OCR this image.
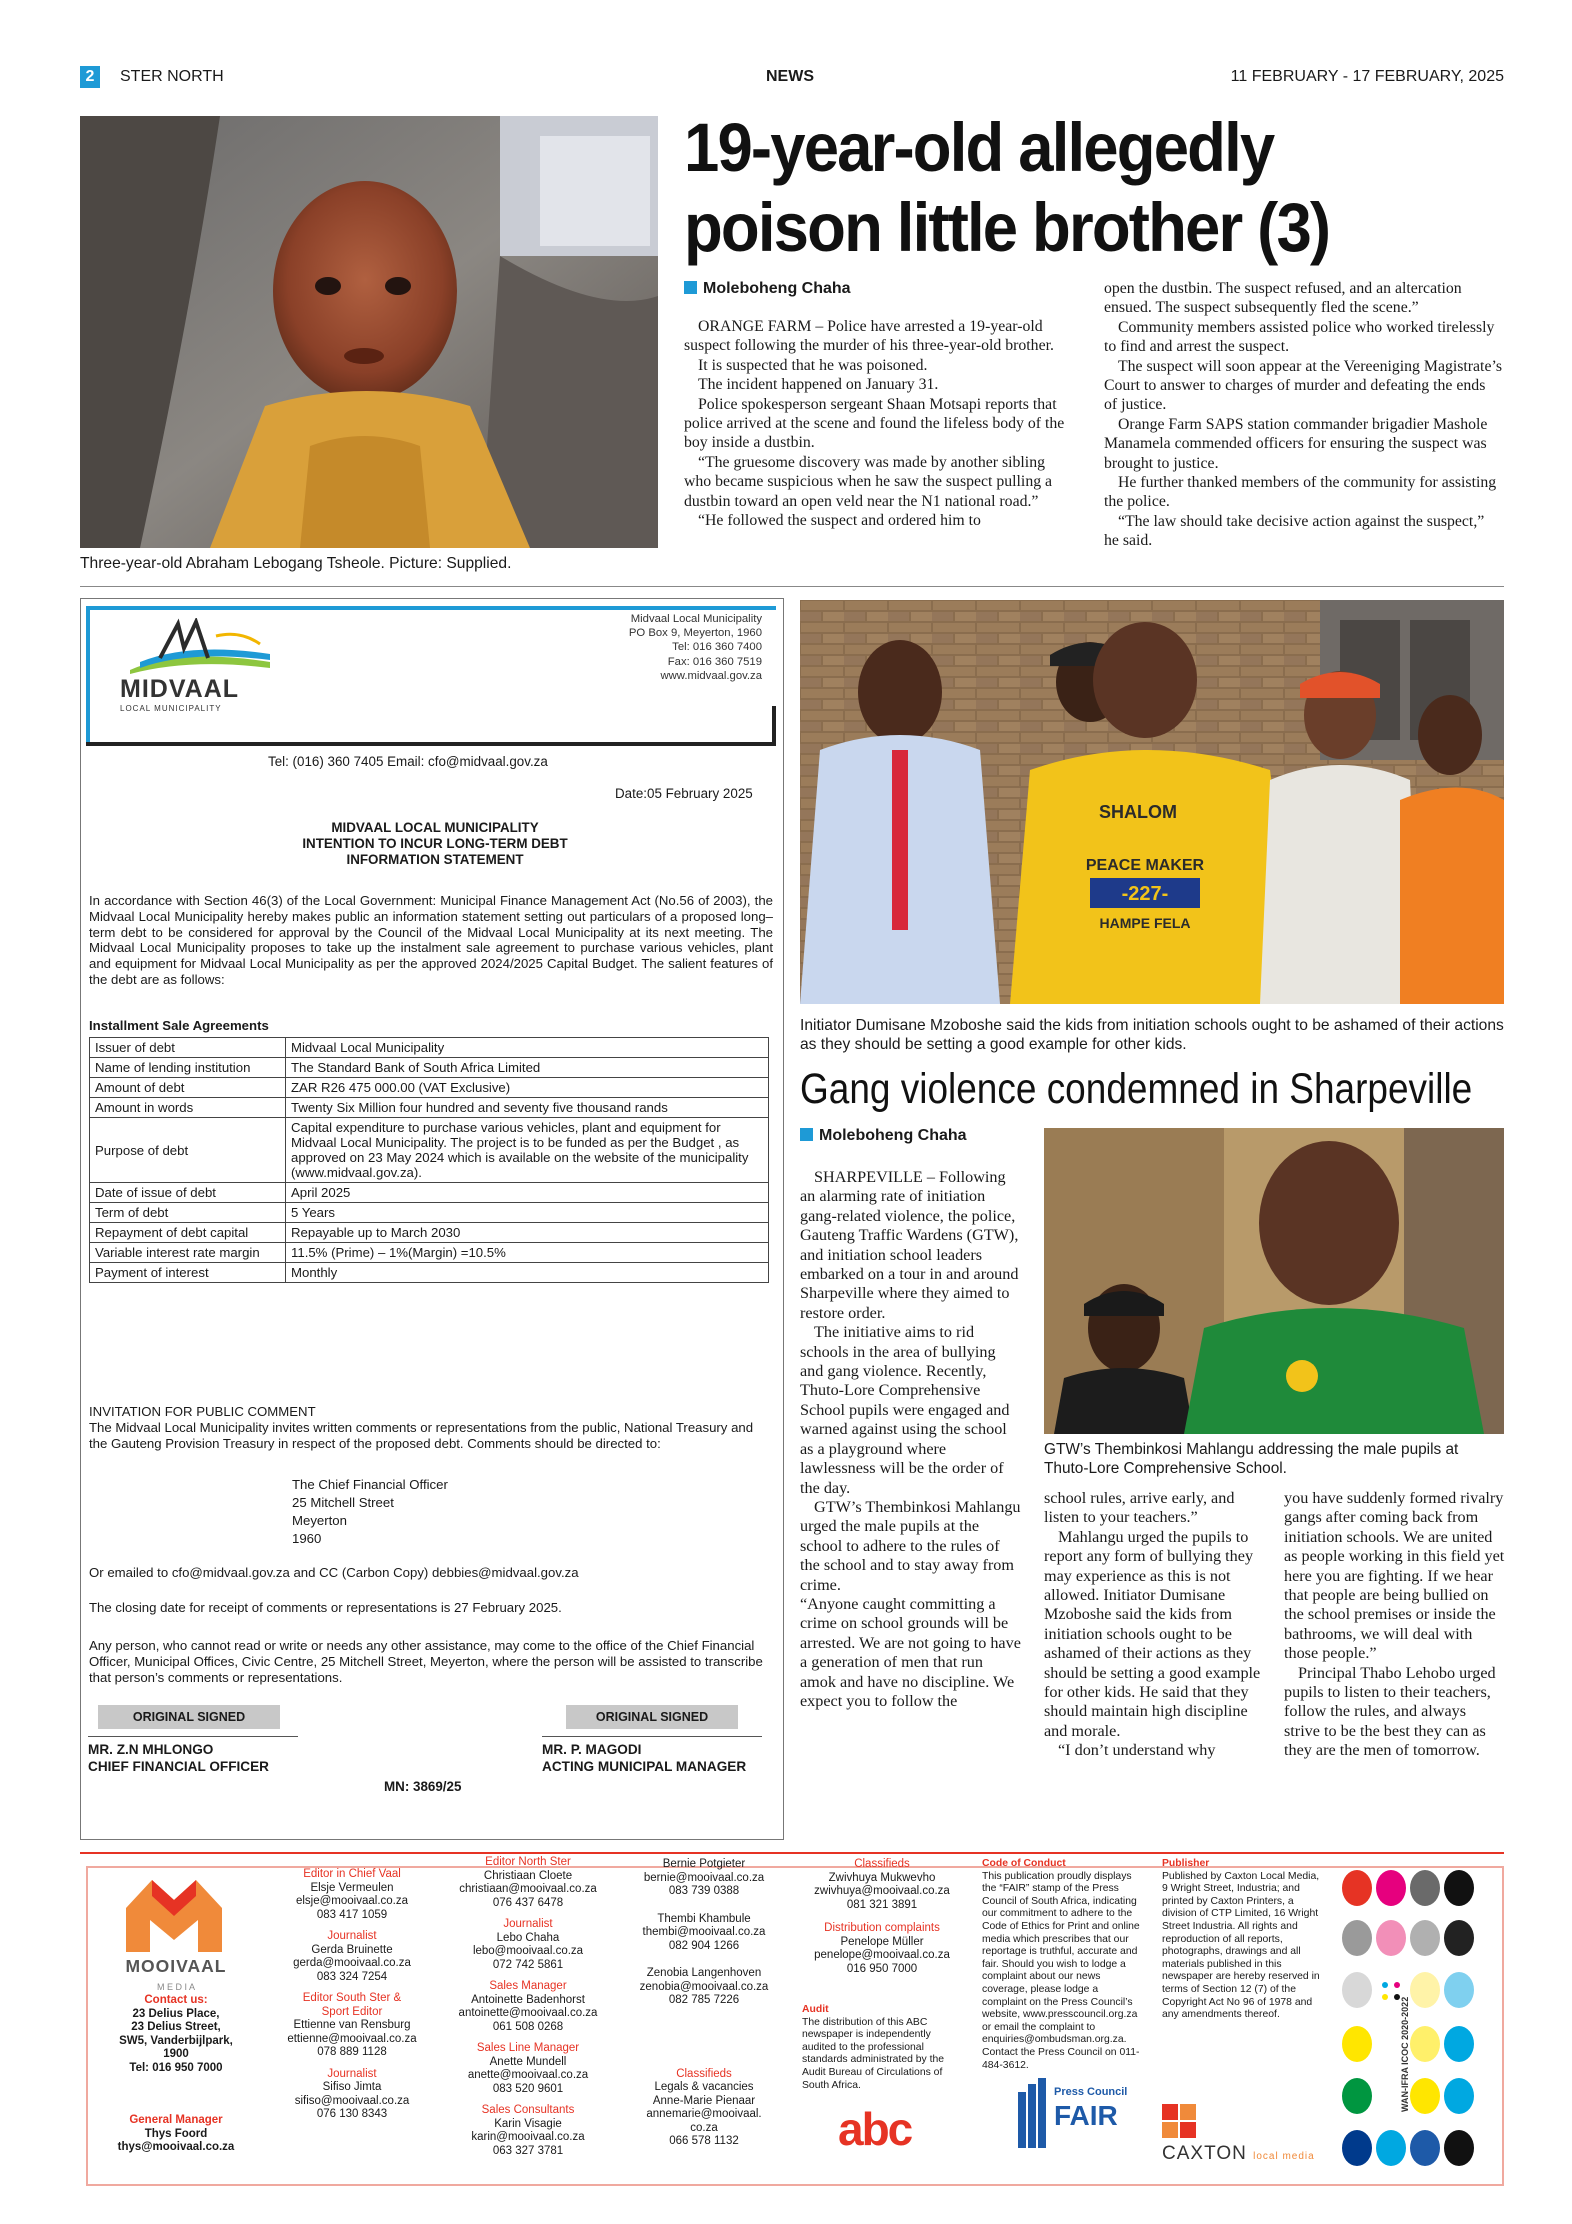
2 STER NORTH	NEWS	11 FEBRUARY - 17 FEBRUARY, 2025
Three-year-old Abraham Lebogang Tsheole. Picture: Supplied.
19-year-old allegedly
poison little brother (3)
Moleboheng Chaha

ORANGE FARM – Police have arrested a 19-year-old suspect following the murder of his three-year-old brother.

It is suspected that he was poisoned.

The incident happened on January 31.

Police spokesperson sergeant Shaan Motsapi reports that police arrived at the scene and found the lifeless body of the boy inside a dustbin.

“The gruesome discovery was made by another sibling who became suspicious when he saw the suspect pulling a dustbin toward an open veld near the N1 national road.”

“He followed the suspect and ordered him to

open the dustbin. The suspect refused, and an altercation ensued. The suspect subsequently fled the scene.”

Community members assisted police who worked tirelessly to find and arrest the suspect.

The suspect will soon appear at the Vereeniging Magistrate’s Court to answer to charges of murder and defeating the ends of justice.

Orange Farm SAPS station commander brigadier Mashole Manamela commended officers for ensuring the suspect was brought to justice.

He further thanked members of the community for assisting the police.

“The law should take decisive action against the suspect,” he said.

MIDVAAL
LOCAL MUNICIPALITY
Midvaal Local Municipality
PO Box 9, Meyerton, 1960
Tel: 016 360 7400
Fax: 016 360 7519
www.midvaal.gov.za
Tel: (016) 360 7405 Email: cfo@midvaal.gov.za
Date:05 February 2025
MIDVAAL LOCAL MUNICIPALITY
INTENTION TO INCUR LONG-TERM DEBT
INFORMATION STATEMENT
In accordance with Section 46(3) of the Local Government: Municipal Finance Management Act (No.56 of 2003), the Midvaal Local Municipality hereby makes public an information statement setting out particulars of a proposed long–term debt to be considered for approval by the Council of the Midvaal Local Municipality at its next meeting. The Midvaal Local Municipality proposes to take up the instalment sale agreement to purchase various vehicles, plant and equipment for Midvaal Local Municipality as per the approved 2024/2025 Capital Budget. The salient features of the debt are as follows:
Installment Sale Agreements
Issuer of debt	Midvaal Local Municipality
Name of lending institution	The Standard Bank of South Africa Limited
Amount of debt	ZAR R26 475 000.00 (VAT Exclusive)
Amount in words	Twenty Six Million four hundred and seventy five thousand rands
Purpose of debt	Capital expenditure to purchase various vehicles, plant and equipment for Midvaal Local Municipality. The project is to be funded as per the Budget , as approved on 23 May 2024 which is available on the website of the municipality (www.midvaal.gov.za).
Date of issue of debt	April 2025
Term of debt	5 Years
Repayment of debt capital	Repayable up to March 2030
Variable interest rate margin	11.5% (Prime) – 1%(Margin) =10.5%
Payment of interest	Monthly
INVITATION FOR PUBLIC COMMENT
The Midvaal Local Municipality invites written comments or representations from the public, National Treasury and the Gauteng Provision Treasury in respect of the proposed debt. Comments should be directed to:
The Chief Financial Officer
25 Mitchell Street
Meyerton
1960
Or emailed to cfo@midvaal.gov.za and CC (Carbon Copy) debbies@midvaal.gov.za
The closing date for receipt of comments or representations is 27 February 2025.
Any person, who cannot read or write or needs any other assistance, may come to the office of the Chief Financial Officer, Municipal Offices, Civic Centre, 25 Mitchell Street, Meyerton, where the person will be assisted to transcribe that person’s comments or representations.
ORIGINAL SIGNED	ORIGINAL SIGNED
MR. Z.N MHLONGO
CHIEF FINANCIAL OFFICER
MR. P. MAGODI
ACTING MUNICIPAL MANAGER
MN: 3869/25
SHALOM
PEACE MAKER
-227-
HAMPE FELA
Initiator Dumisane Mzoboshe said the kids from initiation schools ought to be ashamed of their actions as they should be setting a good example for other kids.
Gang violence condemned in Sharpeville
Moleboheng Chaha
GTW’s Thembinkosi Mahlangu addressing the male pupils at Thuto-Lore Comprehensive School.

SHARPEVILLE – Following an alarming rate of initiation gang-related violence, the police, Gauteng Traffic Wardens (GTW), and initiation school leaders embarked on a tour in and around Sharpeville where they aimed to restore order.

The initiative aims to rid schools in the area of bullying and gang violence. Recently, Thuto-Lore Comprehensive School pupils were engaged and warned against using the school as a playground where lawlessness will be the order of the day.

GTW’s Thembinkosi Mahlangu urged the male pupils at the school to adhere to the rules of the school and to stay away from crime.

“Anyone caught committing a crime on school grounds will be arrested. We are not going to have a generation of men that run amok and have no discipline. We expect you to follow the

school rules, arrive early, and listen to your teachers.”

Mahlangu urged the pupils to report any form of bullying they may experience as this is not allowed. Initiator Dumisane Mzoboshe said the kids from initiation schools ought to be ashamed of their actions as they should be setting a good example for other kids. He said that they should maintain high discipline and morale.

“I don’t understand why

you have suddenly formed rivalry gangs after coming back from initiation schools. We are united as people working in this field yet here you are fighting. If we hear that people are being bullied on the school premises or inside the bathrooms, we will deal with those people.”

Principal Thabo Lehobo urged pupils to listen to their teachers, follow the rules, and always strive to be the best they can as they are the men of tomorrow.

MOOIVAAL
M E D I A
Contact us:
23 Delius Place,
23 Delius Street,
SW5, Vanderbijlpark,
1900
Tel: 016 950 7000
General Manager
Thys Foord
thys@mooivaal.co.za
Editor in Chief Vaal
Elsje Vermeulen
elsje@mooivaal.co.za
083 417 1059
Journalist
Gerda Bruinette
gerda@mooivaal.co.za
083 324 7254
Editor South Ster & Sport Editor
Ettienne van Rensburg
ettienne@mooivaal.co.za
078 889 1128
Journalist
Sifiso Jimta
sifiso@mooivaal.co.za
076 130 8343
Editor North Ster
Christiaan Cloete
christiaan@mooivaal.co.za
076 437 6478
Journalist
Lebo Chaha
lebo@mooivaal.co.za
072 742 5861
Sales Manager
Antoinette Badenhorst
antoinette@mooivaal.co.za
061 508 0268
Sales Line Manager
Anette Mundell
anette@mooivaal.co.za
083 520 9601
Sales Consultants
Karin Visagie
karin@mooivaal.co.za
063 327 3781
Bernie Potgieter
bernie@mooivaal.co.za
083 739 0388
Thembi Khambule
thembi@mooivaal.co.za
082 904 1266
Zenobia Langenhoven
zenobia@mooivaal.co.za
082 785 7226
Classifieds
Legals & vacancies
Anne-Marie Pienaar
annemarie@mooivaal.
co.za
066 578 1132
Classifieds
Zwivhuya Mukwevho
zwivhuya@mooivaal.co.za
081 321 3891
Distribution complaints
Penelope Müller
penelope@mooivaal.co.za
016 950 7000
Audit
The distribution of this ABC newspaper is independently audited to the professional standards administrated by the Audit Bureau of Circulations of South Africa.
abc
Code of Conduct
This publication proudly displays the “FAIR” stamp of the Press Council of South Africa, indicating our commitment to adhere to the Code of Ethics for Print and online media which prescribes that our reportage is truthful, accurate and fair. Should you wish to lodge a complaint about our news coverage, please lodge a complaint on the Press Council’s website, www.presscouncil.org.za or email the complaint to enquiries@ombudsman.org.za. Contact the Press Council on 011-484-3612.
Press Council
FAIR
Publisher
Published by Caxton Local Media, 9 Wright Street, Industria; and printed by Caxton Printers, a division of CTP Limited, 16 Wright Street Industria. All rights and reproduction of all reports, photographs, drawings and all materials published in this newspaper are hereby reserved in terms of Section 12 (7) of the Copyright Act No 96 of 1978 and any amendments thereof.
CAXTON local media
WAN-IFRA ICOC 2020-2022
